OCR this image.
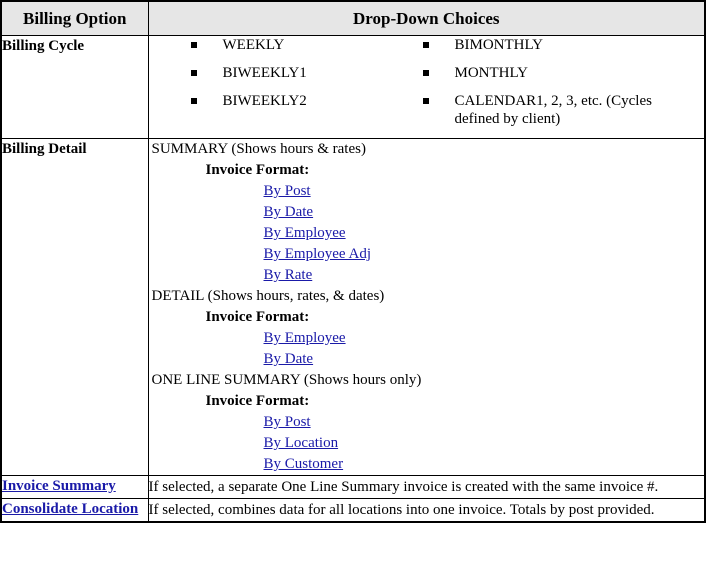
Billing Option	Drop-Down Choices
Billing Cycle	WEEKLY
BIWEEKLY1
BIWEEKLY2
BIMONTHLY
MONTHLY
CALENDAR1, 2, 3, etc. (Cycles defined by client)

Billing Detail	SUMMARY (Shows hours & rates)
Invoice Format:
By Post
By Date
By Employee
By Employee Adj
By Rate
DETAIL (Shows hours, rates, & dates)
Invoice Format:
By Employee
By Date
ONE LINE SUMMARY (Shows hours only)
Invoice Format:
By Post
By Location
By Customer

Invoice Summary	If selected, a separate One Line Summary invoice is created with the same invoice #.
Consolidate Location	If selected, combines data for all locations into one invoice. Totals by post provided.
